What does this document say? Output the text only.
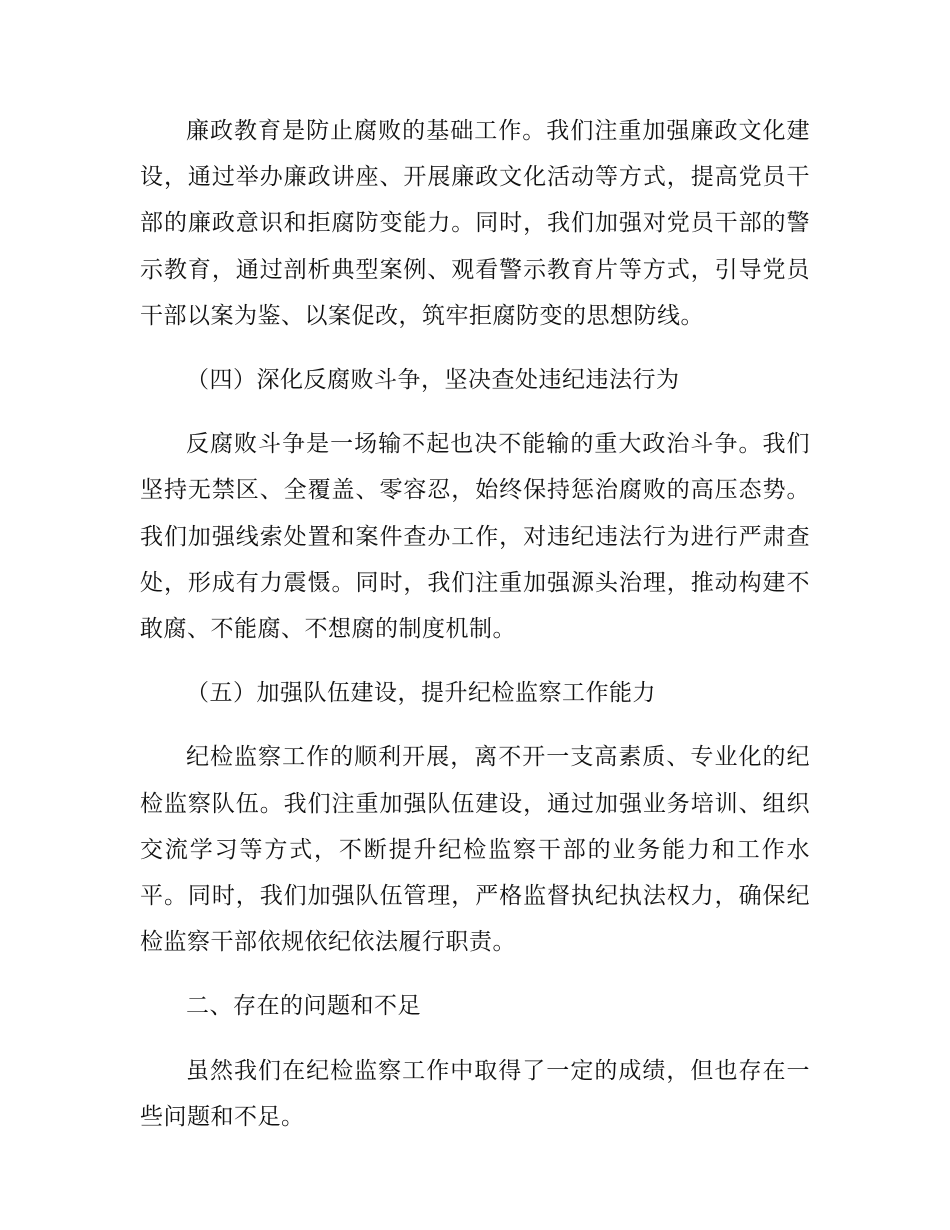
廉政教育是防止腐败的基础工作。我们注重加强廉政文化建设，通过举办廉政讲座、开展廉政文化活动等方式，提高党员干部的廉政意识和拒腐防变能力。同时，我们加强对党员干部的警示教育，通过剖析典型案例、观看警示教育片等方式，引导党员干部以案为鉴、以案促改，筑牢拒腐防变的思想防线。

（四）深化反腐败斗争，坚决查处违纪违法行为

反腐败斗争是一场输不起也决不能输的重大政治斗争。我们坚持无禁区、全覆盖、零容忍，始终保持惩治腐败的高压态势。我们加强线索处置和案件查办工作，对违纪违法行为进行严肃查处，形成有力震慑。同时，我们注重加强源头治理，推动构建不敢腐、不能腐、不想腐的制度机制。

（五）加强队伍建设，提升纪检监察工作能力

纪检监察工作的顺利开展，离不开一支高素质、专业化的纪检监察队伍。我们注重加强队伍建设，通过加强业务培训、组织交流学习等方式，不断提升纪检监察干部的业务能力和工作水平。同时，我们加强队伍管理，严格监督执纪执法权力，确保纪检监察干部依规依纪依法履行职责。

二、存在的问题和不足

虽然我们在纪检监察工作中取得了一定的成绩，但也存在一些问题和不足。
